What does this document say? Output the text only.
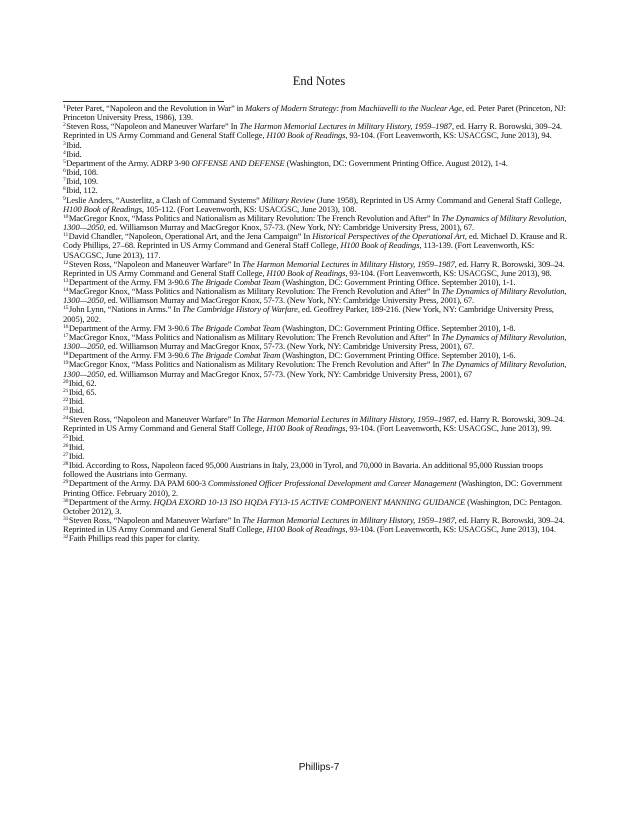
End Notes

$^1$Peter Paret, “Napoleon and the Revolution in War” in Makers of Modern Strategy: from Machiavelli to the Nuclear Age, ed. Peter Paret (Princeton, NJ: Princeton University Press, 1986), 139.

$^2$Steven Ross, “Napoleon and Maneuver Warfare” In The Harmon Memorial Lectures in Military History, 1959–1987, ed. Harry R. Borowski, 309–24. Reprinted in US Army Command and General Staff College, H100 Book of Readings, 93-104. (Fort Leavenworth, KS: USACGSC, June 2013), 94.

$^3$Ibid.

$^4$Ibid.

$^5$Department of the Army. ADRP 3-90 OFFENSE AND DEFENSE (Washington, DC: Government Printing Office. August 2012), 1-4.

$^6$Ibid, 108.

$^7$Ibid, 109.

$^8$Ibid, 112.

$^9$Leslie Anders, “Austerlitz, a Clash of Command Systems” Military Review (June 1958), Reprinted in US Army Command and General Staff College, H100 Book of Readings, 105-112. (Fort Leavenworth, KS: USACGSC, June 2013), 108.

$^{10}$MacGregor Knox, “Mass Politics and Nationalism as Military Revolution: The French Revolution and After” In The Dynamics of Military Revolution, 1300—2050, ed. Williamson Murray and MacGregor Knox, 57-73. (New York, NY: Cambridge University Press, 2001), 67.

$^{11}$David Chandler, “Napoleon, Operational Art, and the Jena Campaign” In Historical Perspectives of the Operational Art, ed. Michael D. Krause and R. Cody Phillips, 27–68. Reprinted in US Army Command and General Staff College, H100 Book of Readings, 113-139. (Fort Leavenworth, KS: USACGSC, June 2013), 117.

$^{12}$Steven Ross, “Napoleon and Maneuver Warfare” In The Harmon Memorial Lectures in Military History, 1959–1987, ed. Harry R. Borowski, 309–24. Reprinted in US Army Command and General Staff College, H100 Book of Readings, 93-104. (Fort Leavenworth, KS: USACGSC, June 2013), 98.

$^{13}$Department of the Army. FM 3-90.6 The Brigade Combat Team (Washington, DC: Government Printing Office. September 2010), 1-1.

$^{14}$MacGregor Knox, “Mass Politics and Nationalism as Military Revolution: The French Revolution and After” In The Dynamics of Military Revolution, 1300—2050, ed. Williamson Murray and MacGregor Knox, 57-73. (New York, NY: Cambridge University Press, 2001), 67.

$^{15}$John Lynn, “Nations in Arms.” In The Cambridge History of Warfare, ed. Geoffrey Parker, 189-216. (New York, NY: Cambridge University Press, 2005), 202.

$^{16}$Department of the Army. FM 3-90.6 The Brigade Combat Team (Washington, DC: Government Printing Office. September 2010), 1-8.

$^{17}$MacGregor Knox, “Mass Politics and Nationalism as Military Revolution: The French Revolution and After” In The Dynamics of Military Revolution, 1300—2050, ed. Williamson Murray and MacGregor Knox, 57-73. (New York, NY: Cambridge University Press, 2001), 67.

$^{18}$Department of the Army. FM 3-90.6 The Brigade Combat Team (Washington, DC: Government Printing Office. September 2010), 1-6.

$^{19}$MacGregor Knox, “Mass Politics and Nationalism as Military Revolution: The French Revolution and After” In The Dynamics of Military Revolution, 1300—2050, ed. Williamson Murray and MacGregor Knox, 57-73. (New York, NY: Cambridge University Press, 2001), 67

$^{20}$Ibid, 62.

$^{21}$Ibid, 65.

$^{22}$Ibid.

$^{23}$Ibid.

$^{24}$Steven Ross, “Napoleon and Maneuver Warfare” In The Harmon Memorial Lectures in Military History, 1959–1987, ed. Harry R. Borowski, 309–24. Reprinted in US Army Command and General Staff College, H100 Book of Readings, 93-104. (Fort Leavenworth, KS: USACGSC, June 2013), 99.

$^{25}$Ibid.

$^{26}$Ibid.

$^{27}$Ibid.

$^{28}$Ibid. According to Ross, Napoleon faced 95,000 Austrians in Italy, 23,000 in Tyrol, and 70,000 in Bavaria. An additional 95,000 Russian troops followed the Austrians into Germany.

$^{29}$Department of the Army. DA PAM 600-3 Commissioned Officer Professional Development and Career Management (Washington, DC: Government Printing Office. February 2010), 2.

$^{30}$Department of the Army. HQDA EXORD 10-13 ISO HQDA FY13-15 ACTIVE COMPONENT MANNING GUIDANCE (Washington, DC: Pentagon. October 2012), 3.

$^{31}$Steven Ross, “Napoleon and Maneuver Warfare” In The Harmon Memorial Lectures in Military History, 1959–1987, ed. Harry R. Borowski, 309–24. Reprinted in US Army Command and General Staff College, H100 Book of Readings, 93-104. (Fort Leavenworth, KS: USACGSC, June 2013), 104.

$^{32}$Faith Phillips read this paper for clarity.

Phillips-7
